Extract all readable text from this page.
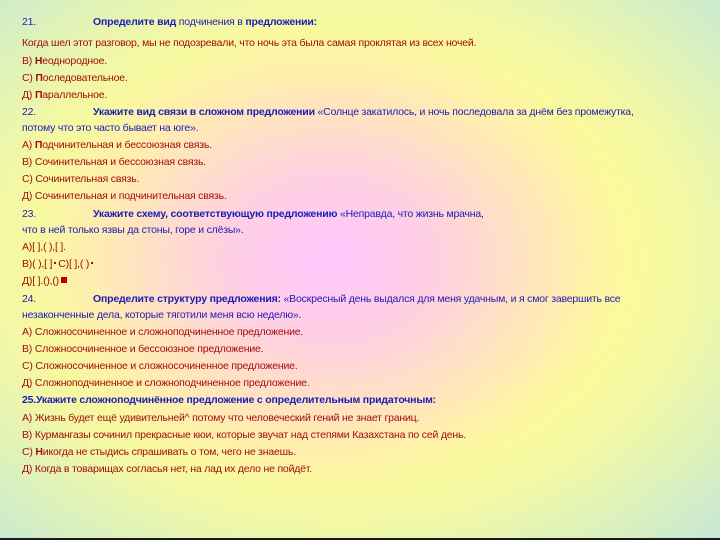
21.	Определите вид подчинения в предложении:
Когда шел этот разговор, мы не подозревали, что ночь эта была самая проклятая из всех ночей.
В) Неоднородное.
С) Последовательное.
Д) Параллельное.
22.	Укажите вид связи в сложном предложении «Солнце закатилось, и ночь последовала за днём без промежутка,
потому что это часто бывает на юге».
А) Подчинительная и бессоюзная связь.
В) Сочинительная и бессоюзная связь.
С) Сочинительная связь.
Д) Сочинительная и подчинительная связь.
23.	Укажите схему, соответствующую предложению «Неправда, что жизнь мрачна,
что в ней только язвы да стоны, горе и слёзы».
А)[ ],( ),[ ].
В)( ),[ ] С)[ ],( )
Д)[ ].(),()
24.	Определите структуру предложения: «Воскресный день выдался для меня удачным, и я смог завершить все
незаконченные дела, которые тяготили меня всю неделю».
А) Сложносочиненное и сложноподчиненное предложение.
В) Сложносочиненное и бессоюзное предложение.
С) Сложносочиненное и сложносочиненное предложение.
Д) Сложноподчиненное и сложноподчиненное предложение.
25.Укажите сложноподчинённое предложение с определительным придаточным:
А) Жизнь будет ещё удивительней^ потому что человеческий гений не знает границ.
В) Курмангазы сочинил прекрасные кюи, которые звучат над степями Казахстана по сей день.
С) Никогда не стыдись спрашивать о том, чего не знаешь.
Д) Когда в товарищах согласья нет, на лад их дело не пойдёт.
